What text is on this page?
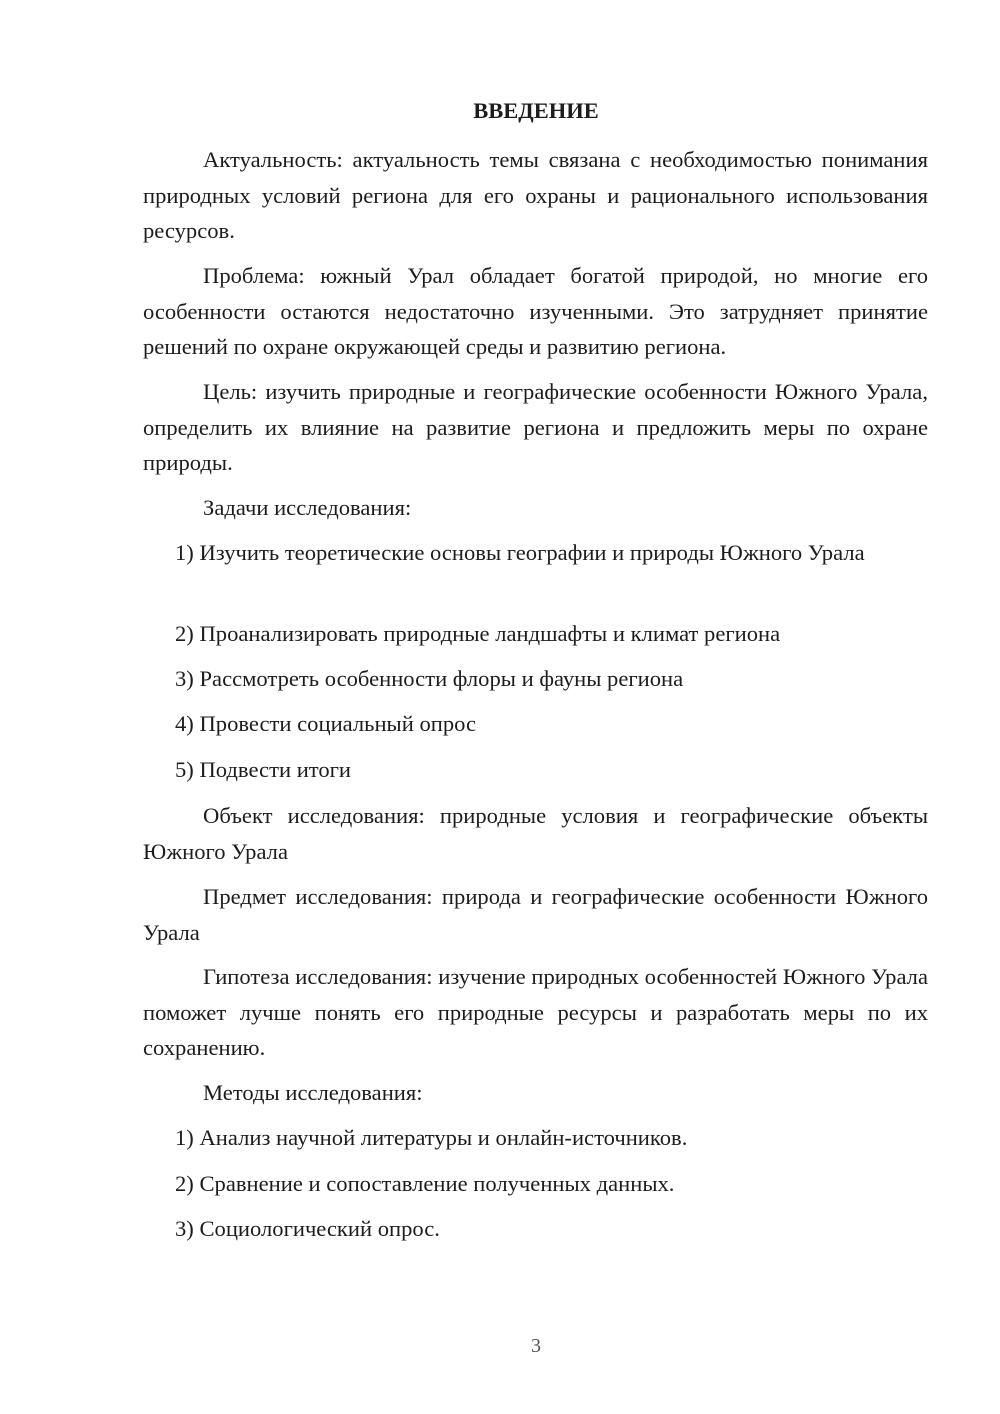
ВВЕДЕНИЕ

Актуальность: актуальность темы связана с необходимостью понимания природных условий региона для его охраны и рационального использования ресурсов.

Проблема: южный Урал обладает богатой природой, но многие его особенности остаются недостаточно изученными. Это затрудняет принятие решений по охране окружающей среды и развитию региона.

Цель: изучить природные и географические особенности Южного Урала, определить их влияние на развитие региона и предложить меры по охране природы.

Задачи исследования:

1) Изучить теоретические основы географии и природы Южного Урала

2) Проанализировать природные ландшафты и климат региона

3) Рассмотреть особенности флоры и фауны региона

4) Провести социальный опрос

5) Подвести итоги

Объект исследования: природные условия и географические объекты Южного Урала

Предмет исследования: природа и географические особенности Южного Урала

Гипотеза исследования: изучение природных особенностей Южного Урала поможет лучше понять его природные ресурсы и разработать меры по их сохранению.

Методы исследования:

1) Анализ научной литературы и онлайн-источников.

2) Сравнение и сопоставление полученных данных.

3) Социологический опрос.

3
